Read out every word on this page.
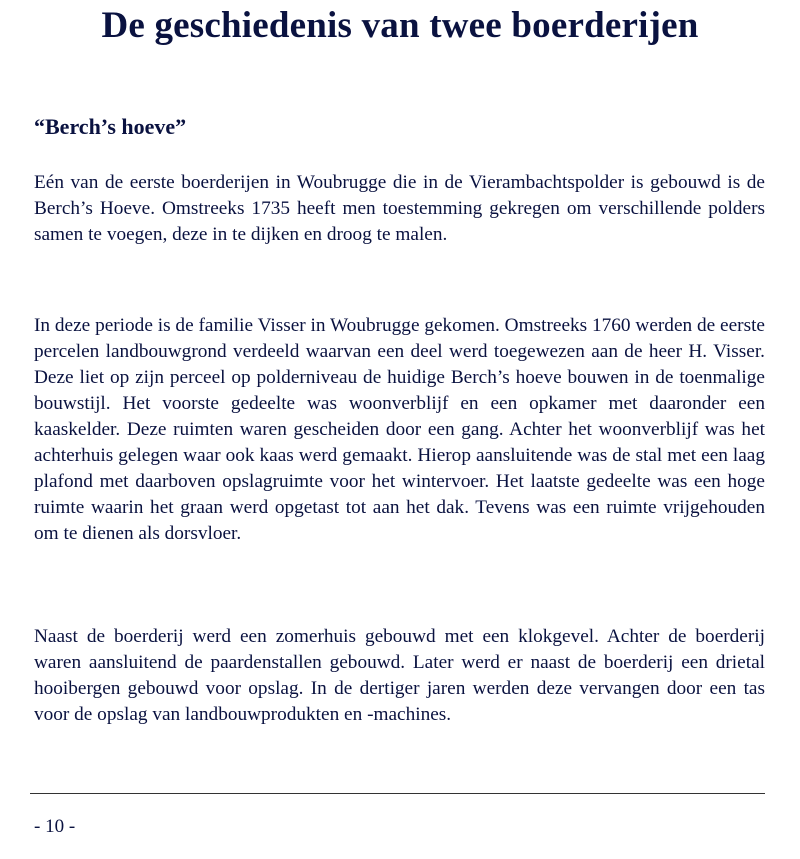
De geschiedenis van twee boerderijen
“Berch’s hoeve”

Eén van de eerste boerderijen in Woubrugge die in de Vierambachtspolder is gebouwd is de Berch’s Hoeve. Omstreeks 1735 heeft men toestemming gekregen om verschillende polders samen te voegen, deze in te dijken en droog te malen.

In deze periode is de familie Visser in Woubrugge gekomen. Omstreeks 1760 werden de eerste percelen landbouwgrond verdeeld waarvan een deel werd toegewezen aan de heer H. Visser. Deze liet op zijn perceel op polderniveau de huidige Berch’s hoeve bouwen in de toenmalige bouwstijl. Het voorste gedeelte was woonverblijf en een opkamer met daaronder een kaaskelder. Deze ruimten waren gescheiden door een gang. Achter het woonverblijf was het achterhuis gelegen waar ook kaas werd gemaakt. Hierop aansluitende was de stal met een laag plafond met daarboven opslagruimte voor het wintervoer. Het laatste gedeelte was een hoge ruimte waarin het graan werd opgetast tot aan het dak. Tevens was een ruimte vrijgehouden om te dienen als dorsvloer.

Naast de boerderij werd een zomerhuis gebouwd met een klokgevel. Achter de boerderij waren aansluitend de paardenstallen gebouwd. Later werd er naast de boerderij een drietal hooibergen gebouwd voor opslag. In de dertiger jaren werden deze vervangen door een tas voor de opslag van landbouwprodukten en -machines.

- 10 -
